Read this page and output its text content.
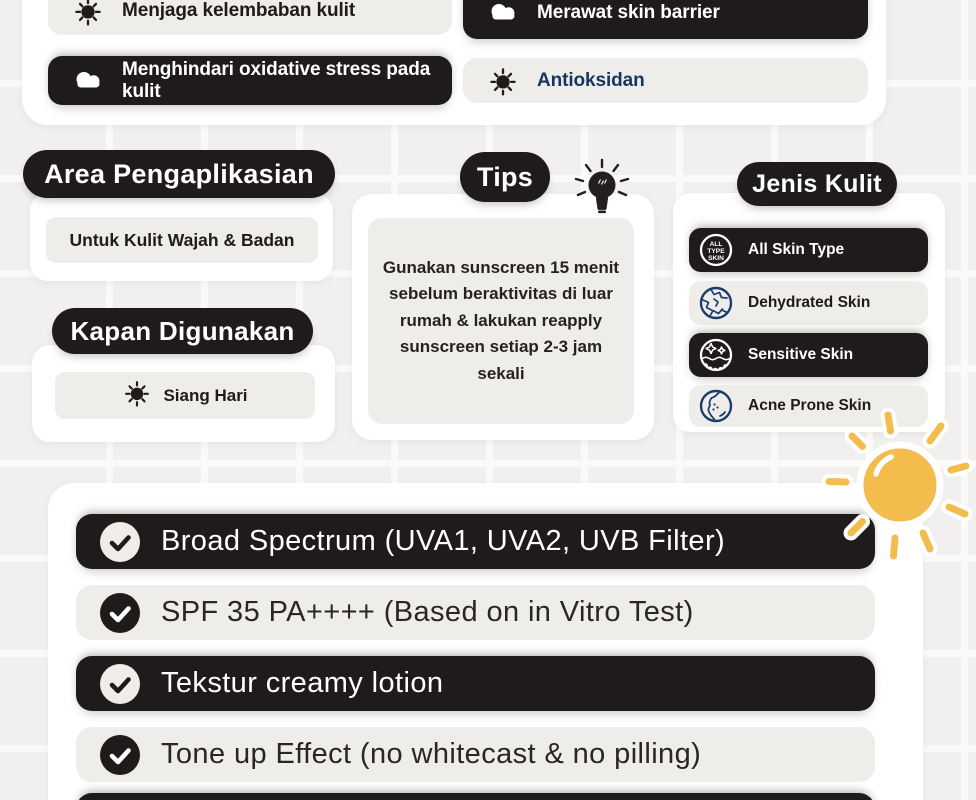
Menjaga kelembaban kulit	Merawat skin barrier
Menghindari oxidative stress pada kulit
Antioksidan
Area Pengaplikasian
Untuk Kulit Wajah & Badan
Kapan Digunakan
Siang Hari
Tips
Gunakan sunscreen 15 menit sebelum beraktivitas di luar rumah & lakukan reapply sunscreen setiap 2-3 jam sekali
Jenis Kulit
ALL
TYPE
SKIN
All Skin Type
Dehydrated Skin
Sensitive Skin
Acne Prone Skin
Broad Spectrum (UVA1, UVA2, UVB Filter)
SPF 35 PA++++ (Based on in Vitro Test)
Tekstur creamy lotion
Tone up Effect (no whitecast & no pilling)
